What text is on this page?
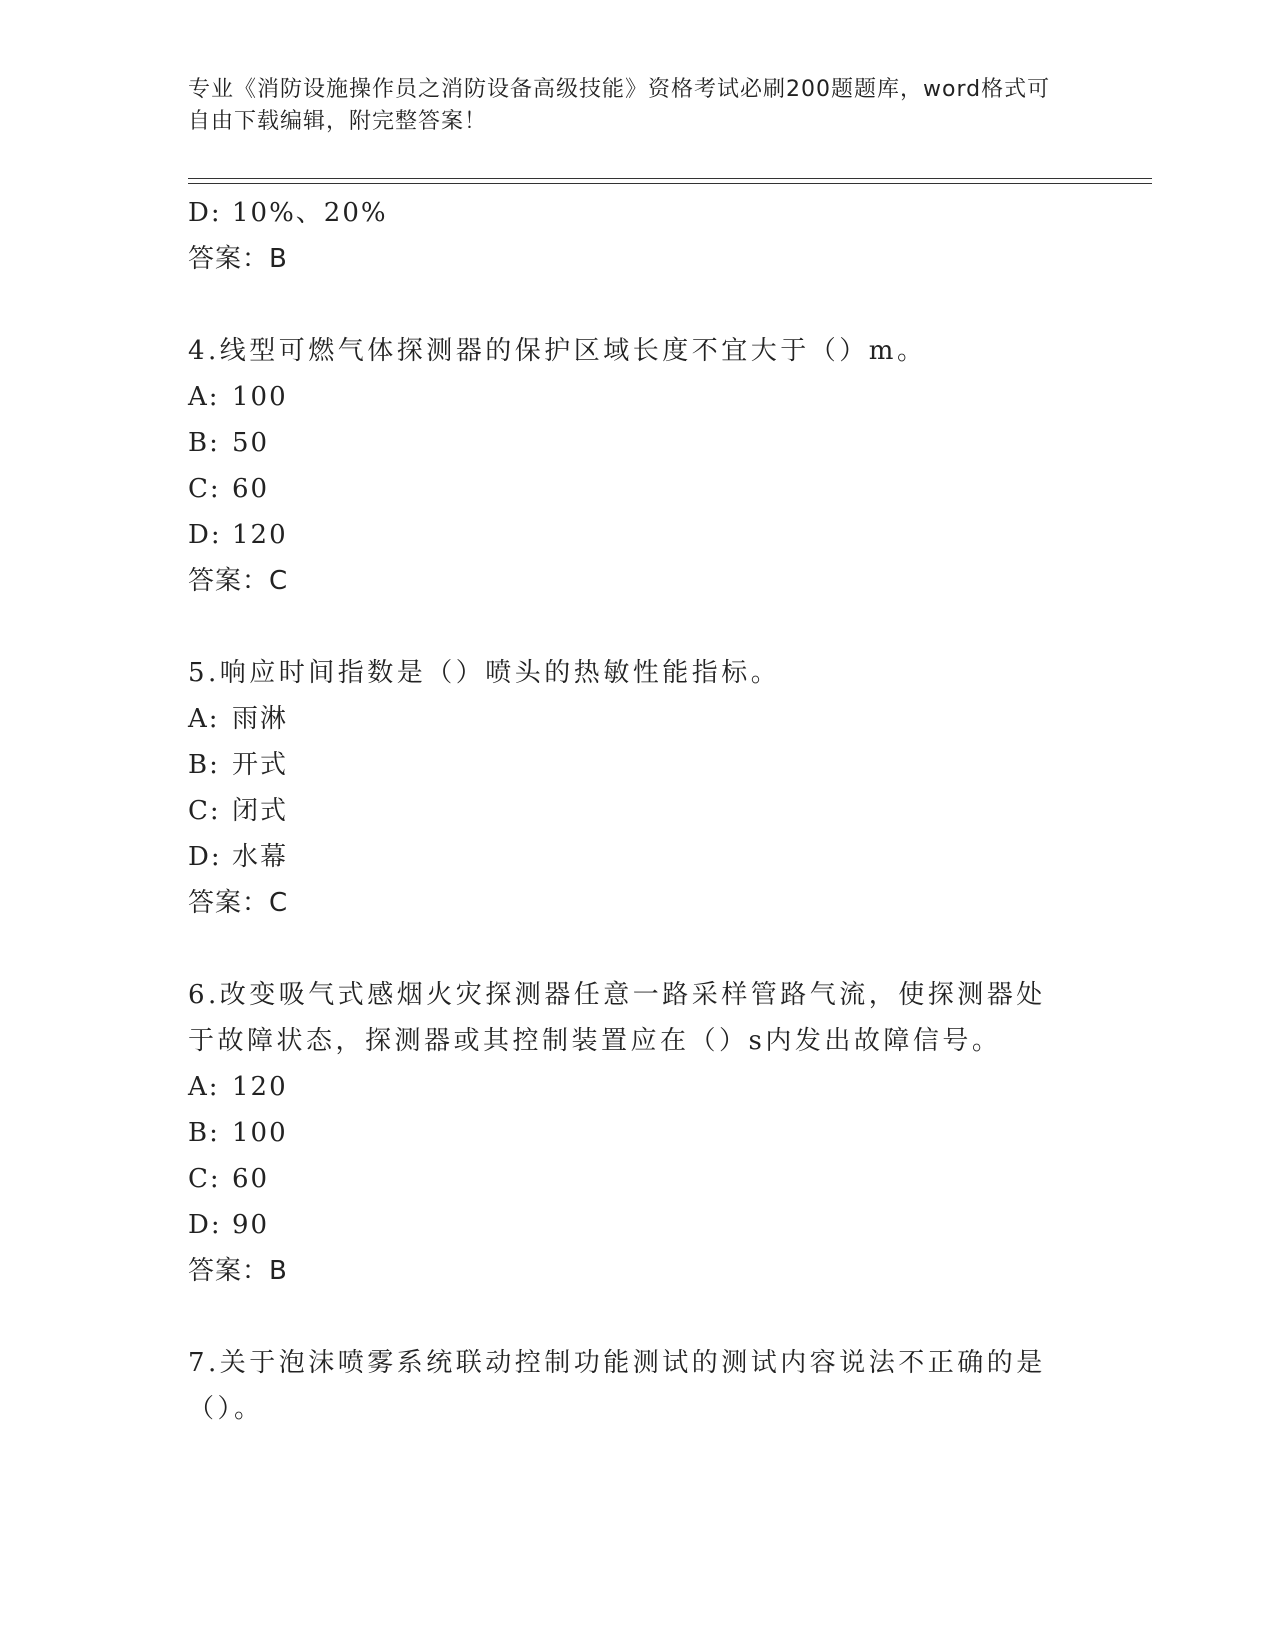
专业《消防设施操作员之消防设备高级技能》资格考试必刷200题题库，word格式可自由下载编辑，附完整答案！
D: 10%、20%
答案：B
4.线型可燃气体探测器的保护区域长度不宜大于（）m。
A: 100
B: 50
C: 60
D: 120
答案：C
5.响应时间指数是（）喷头的热敏性能指标。
A: 雨淋
B: 开式
C: 闭式
D: 水幕
答案：C
6.改变吸气式感烟火灾探测器任意一路采样管路气流，使探测器处于故障状态，探测器或其控制装置应在（）s内发出故障信号。
A: 120
B: 100
C: 60
D: 90
答案：B
7.关于泡沫喷雾系统联动控制功能测试的测试内容说法不正确的是（）。
